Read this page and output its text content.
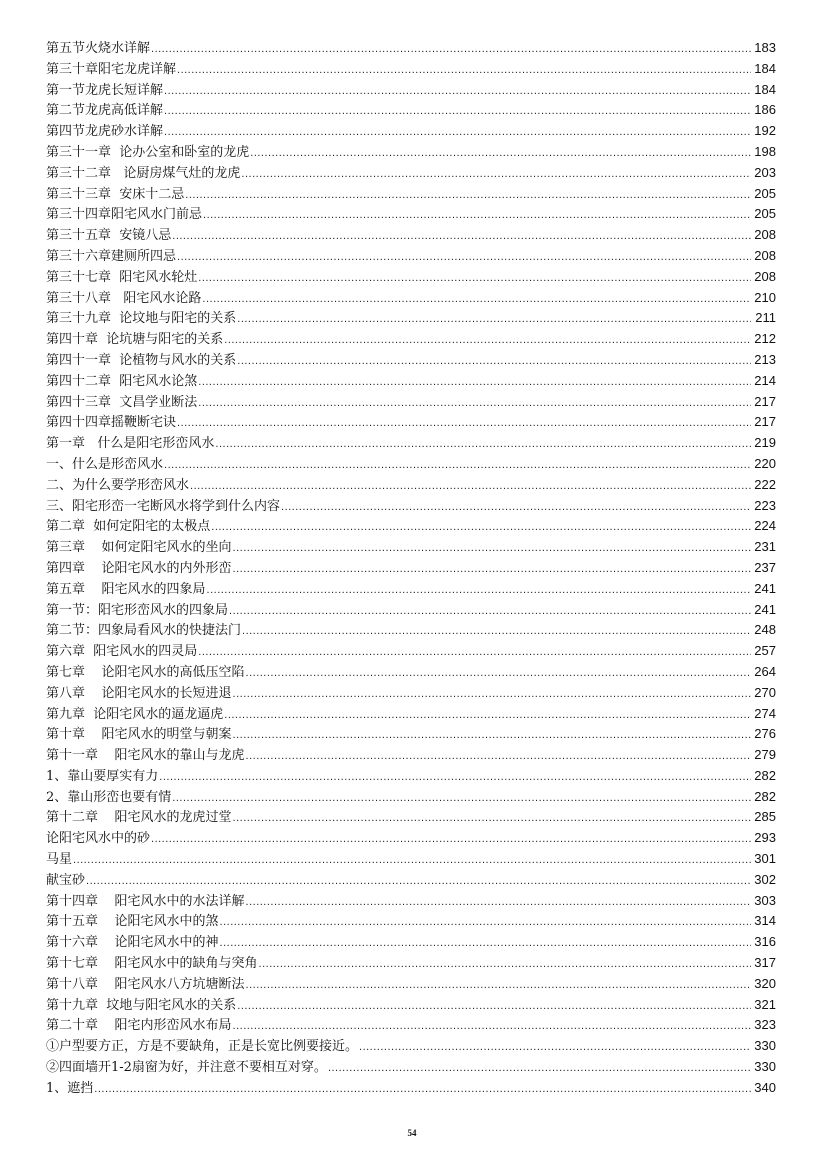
第五节火烧水详解 .....	183
第三十章阳宅龙虎详解 .....	184
第一节龙虎长短详解 .....	184
第二节龙虎高低详解 .....	186
第四节龙虎砂水详解 .....	192
第三十一章  论办公室和卧室的龙虎 .....	198
第三十二章   论厨房煤气灶的龙虎 .....	203
第三十三章  安床十二忌 .....	205
第三十四章阳宅风水门前忌 .....	205
第三十五章  安镜八忌 .....	208
第三十六章建厕所四忌 .....	208
第三十七章  阳宅风水轮灶 .....	208
第三十八章   阳宅风水论路 .....	210
第三十九章  论坟地与阳宅的关系 .....	211
第四十章  论坑塘与阳宅的关系 .....	212
第四十一章  论植物与风水的关系 .....	213
第四十二章  阳宅风水论煞 .....	214
第四十三章  文昌学业断法 .....	217
第四十四章摇鞭断宅诀 .....	217
第一章   什么是阳宅形峦风水 .....	219
一、什么是形峦风水 .....	220
二、为什么要学形峦风水 .....	222
三、阳宅形峦一宅断风水将学到什么内容 .....	223
第二章  如何定阳宅的太极点 .....	224
第三章    如何定阳宅风水的坐向 .....	231
第四章    论阳宅风水的内外形峦 .....	237
第五章    阳宅风水的四象局 .....	241
第一节：阳宅形峦风水的四象局 .....	241
第二节：四象局看风水的快捷法门 .....	248
第六章  阳宅风水的四灵局 .....	257
第七章    论阳宅风水的高低压空陷 .....	264
第八章    论阳宅风水的长短进退 .....	270
第九章  论阳宅风水的逼龙逼虎 .....	274
第十章    阳宅风水的明堂与朝案 .....	276
第十一章    阳宅风水的靠山与龙虎 .....	279
1、靠山要厚实有力 .....	282
2、靠山形峦也要有情 .....	282
第十二章    阳宅风水的龙虎过堂 .....	285
论阳宅风水中的砂 .....	293
马星 .....	301
献宝砂 .....	302
第十四章    阳宅风水中的水法详解 .....	303
第十五章    论阳宅风水中的煞 .....	314
第十六章    论阳宅风水中的神 .....	316
第十七章    阳宅风水中的缺角与突角 .....	317
第十八章    阳宅风水八方坑塘断法 .....	320
第十九章  坟地与阳宅风水的关系 .....	321
第二十章    阳宅内形峦风水布局 .....	323
①户型要方正，方是不要缺角，正是长宽比例要接近。 .....	330
②四面墙开1-2扇窗为好，并注意不要相互对穿。 .....	330
1、遮挡 .....	340
54
